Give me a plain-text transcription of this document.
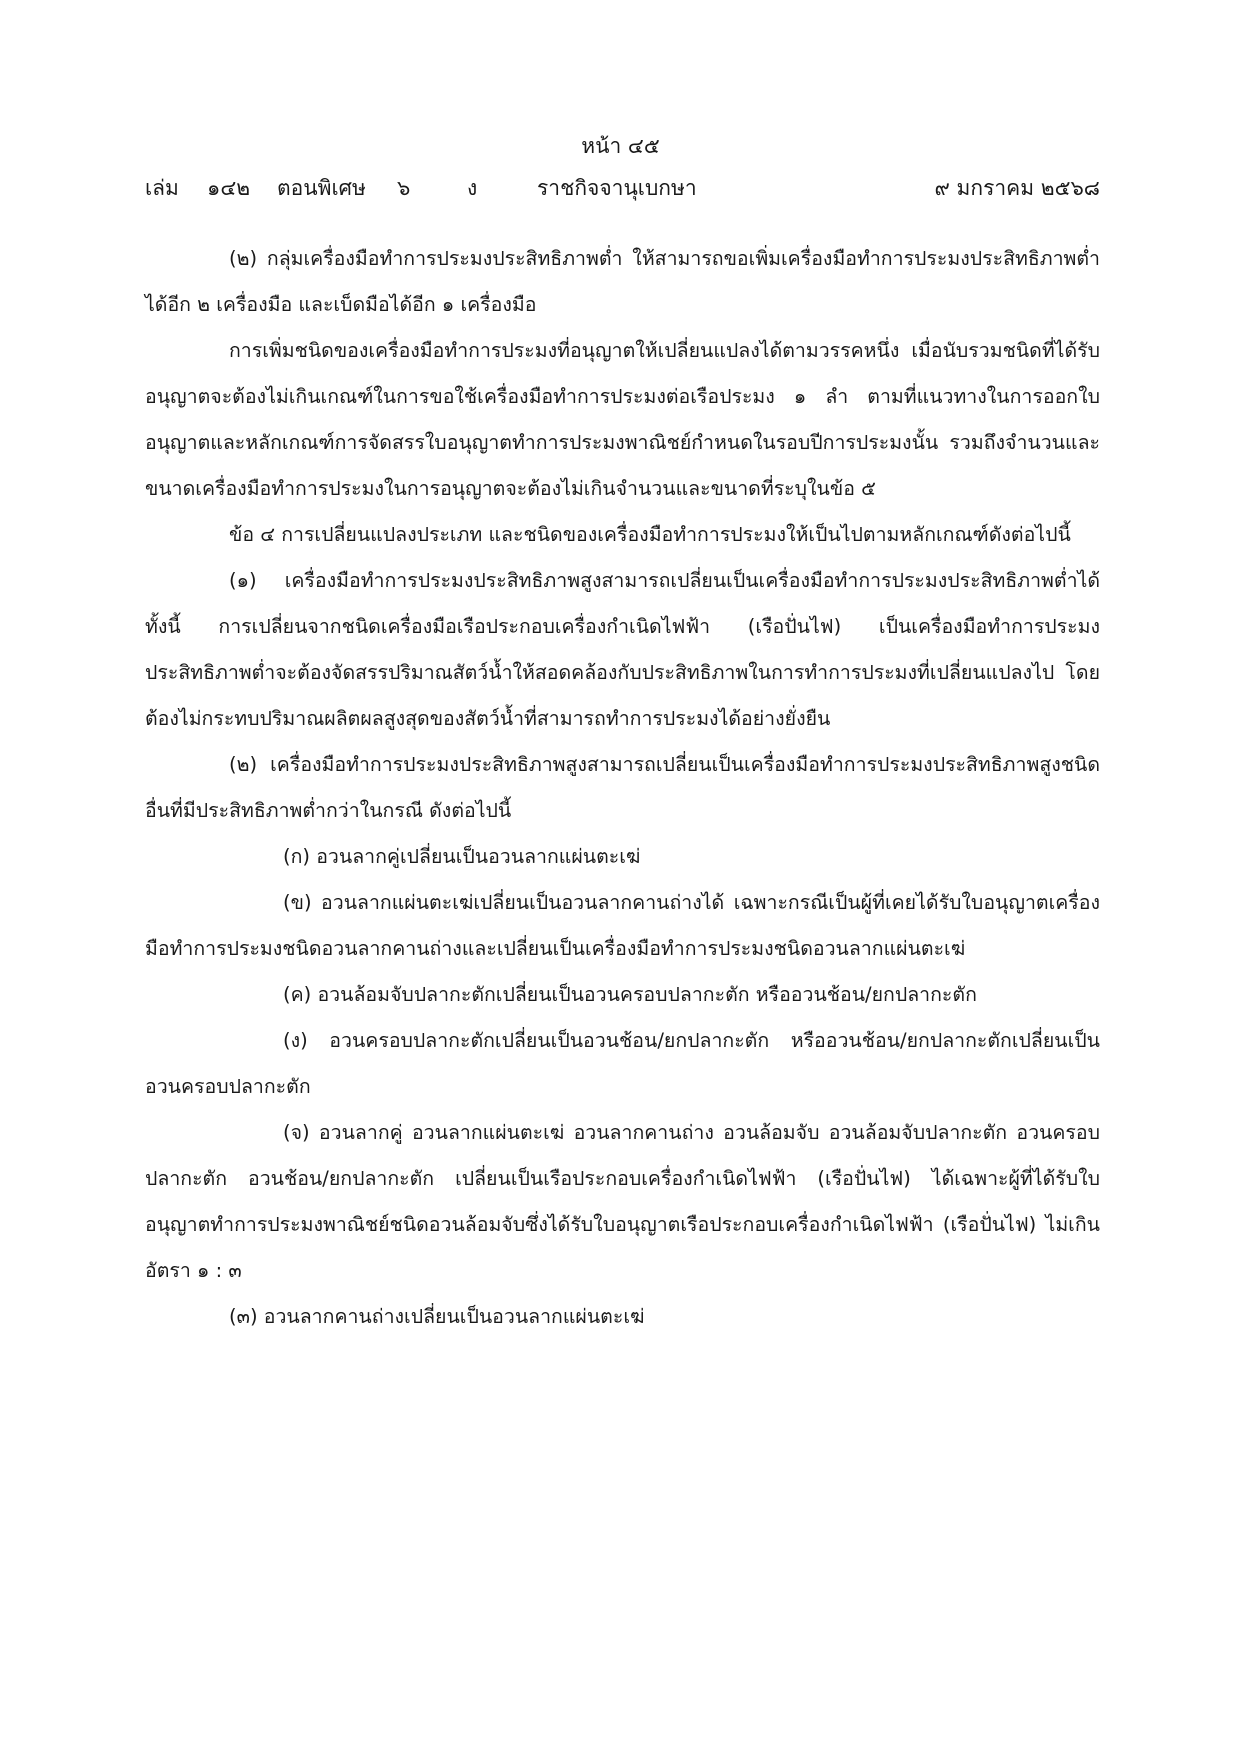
หน้า ๔๕
เล่ม ๑๔๒ ตอนพิเศษ ๖	ง	ราชกิจจานุเบกษา	๙ มกราคม ๒๕๖๘

(๒) กลุ่มเครื่องมือทำการประมงประสิทธิภาพต่ำ ให้สามารถขอเพิ่มเครื่องมือทำการประมงประสิทธิภาพต่ำได้อีก ๒ เครื่องมือ และเบ็ดมือได้อีก ๑ เครื่องมือ

การเพิ่มชนิดของเครื่องมือทำการประมงที่อนุญาตให้เปลี่ยนแปลงได้ตามวรรคหนึ่ง เมื่อนับรวมชนิดที่ได้รับอนุญาตจะต้องไม่เกินเกณฑ์ในการขอใช้เครื่องมือทำการประมงต่อเรือประมง ๑ ลำ ตามที่แนวทางในการออกใบอนุญาตและหลักเกณฑ์การจัดสรรใบอนุญาตทำการประมงพาณิชย์กำหนดในรอบปีการประมงนั้น รวมถึงจำนวนและขนาดเครื่องมือทำการประมงในการอนุญาตจะต้องไม่เกินจำนวนและขนาดที่ระบุในข้อ ๕

ข้อ ๔ การเปลี่ยนแปลงประเภท และชนิดของเครื่องมือทำการประมงให้เป็นไปตามหลักเกณฑ์ดังต่อไปนี้

(๑) เครื่องมือทำการประมงประสิทธิภาพสูงสามารถเปลี่ยนเป็นเครื่องมือทำการประมงประสิทธิภาพต่ำได้ ทั้งนี้ การเปลี่ยนจากชนิดเครื่องมือเรือประกอบเครื่องกำเนิดไฟฟ้า (เรือปั่นไฟ) เป็นเครื่องมือทำการประมงประสิทธิภาพต่ำจะต้องจัดสรรปริมาณสัตว์น้ำให้สอดคล้องกับประสิทธิภาพในการทำการประมงที่เปลี่ยนแปลงไป โดยต้องไม่กระทบปริมาณผลิตผลสูงสุดของสัตว์น้ำที่สามารถทำการประมงได้อย่างยั่งยืน

(๒) เครื่องมือทำการประมงประสิทธิภาพสูงสามารถเปลี่ยนเป็นเครื่องมือทำการประมงประสิทธิภาพสูงชนิดอื่นที่มีประสิทธิภาพต่ำกว่าในกรณี ดังต่อไปนี้

(ก) อวนลากคู่เปลี่ยนเป็นอวนลากแผ่นตะเฆ่

(ข) อวนลากแผ่นตะเฆ่เปลี่ยนเป็นอวนลากคานถ่างได้ เฉพาะกรณีเป็นผู้ที่เคยได้รับใบอนุญาตเครื่องมือทำการประมงชนิดอวนลากคานถ่างและเปลี่ยนเป็นเครื่องมือทำการประมงชนิดอวนลากแผ่นตะเฆ่

(ค) อวนล้อมจับปลากะตักเปลี่ยนเป็นอวนครอบปลากะตัก หรืออวนช้อน/ยกปลากะตัก

(ง) อวนครอบปลากะตักเปลี่ยนเป็นอวนช้อน/ยกปลากะตัก หรืออวนช้อน/ยกปลากะตักเปลี่ยนเป็นอวนครอบปลากะตัก

(จ) อวนลากคู่ อวนลากแผ่นตะเฆ่ อวนลากคานถ่าง อวนล้อมจับ อวนล้อมจับปลากะตัก อวนครอบปลากะตัก อวนช้อน/ยกปลากะตัก เปลี่ยนเป็นเรือประกอบเครื่องกำเนิดไฟฟ้า (เรือปั่นไฟ) ได้เฉพาะผู้ที่ได้รับใบอนุญาตทำการประมงพาณิชย์ชนิดอวนล้อมจับซึ่งได้รับใบอนุญาตเรือประกอบเครื่องกำเนิดไฟฟ้า (เรือปั่นไฟ) ไม่เกินอัตรา ๑ : ๓

(๓) อวนลากคานถ่างเปลี่ยนเป็นอวนลากแผ่นตะเฆ่
